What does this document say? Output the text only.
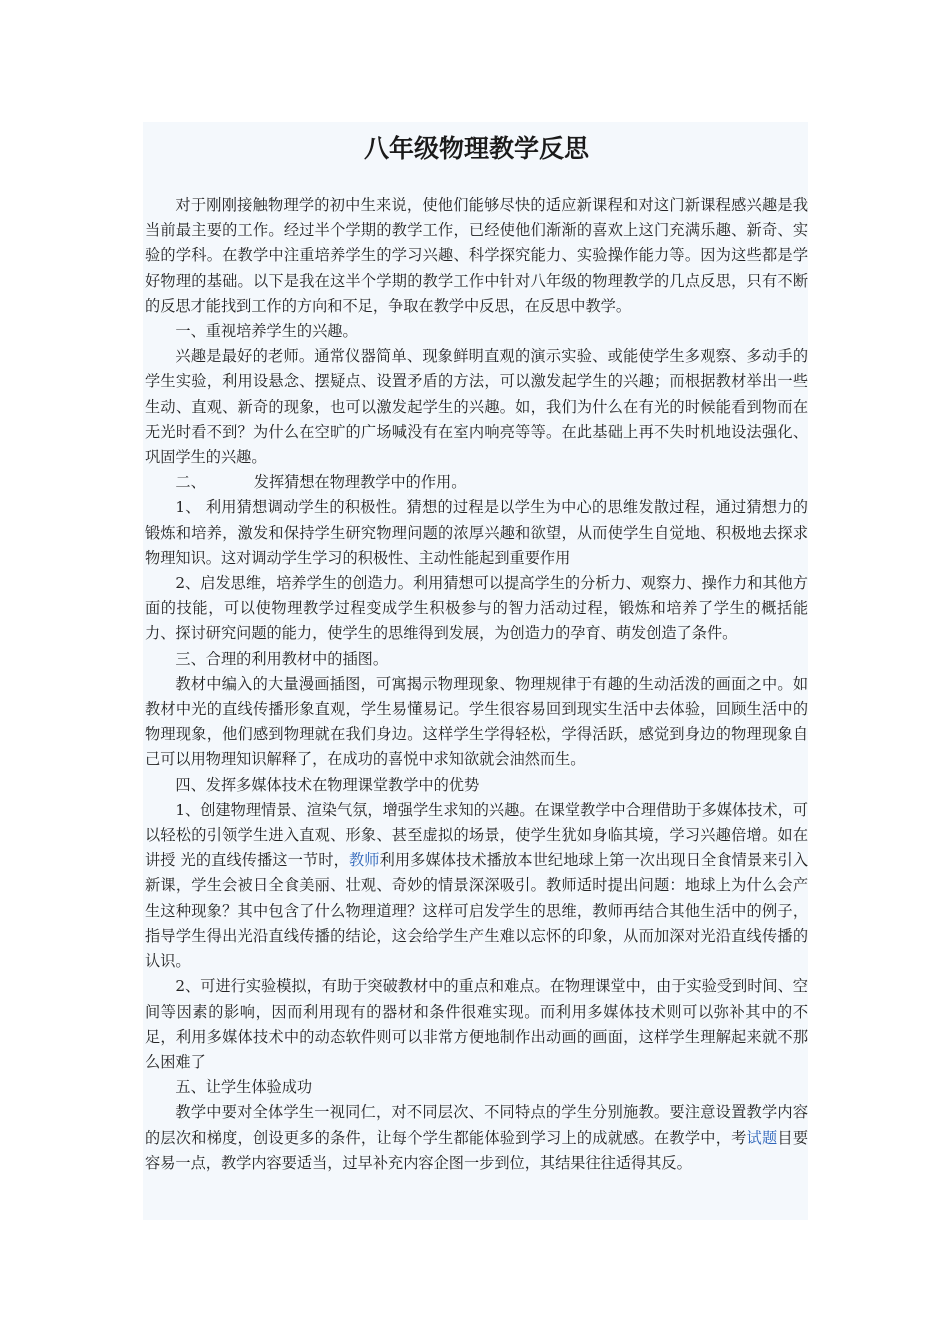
八年级物理教学反思

对于刚刚接触物理学的初中生来说，使他们能够尽快的适应新课程和对这门新课程感兴趣是我当前最主要的工作。经过半个学期的教学工作，已经使他们渐渐的喜欢上这门充满乐趣、新奇、实验的学科。在教学中注重培养学生的学习兴趣、科学探究能力、实验操作能力等。因为这些都是学好物理的基础。以下是我在这半个学期的教学工作中针对八年级的物理教学的几点反思，只有不断的反思才能找到工作的方向和不足，争取在教学中反思，在反思中教学。

一、重视培养学生的兴趣。

兴趣是最好的老师。通常仪器简单、现象鲜明直观的演示实验、或能使学生多观察、多动手的学生实验，利用设悬念、摆疑点、设置矛盾的方法，可以激发起学生的兴趣；而根据教材举出一些生动、直观、新奇的现象，也可以激发起学生的兴趣。如，我们为什么在有光的时候能看到物而在无光时看不到？为什么在空旷的广场喊没有在室内响亮等等。在此基础上再不失时机地设法强化、巩固学生的兴趣。

二、	发挥猜想在物理教学中的作用。

1、 利用猜想调动学生的积极性。猜想的过程是以学生为中心的思维发散过程，通过猜想力的锻炼和培养，激发和保持学生研究物理问题的浓厚兴趣和欲望，从而使学生自觉地、积极地去探求物理知识。这对调动学生学习的积极性、主动性能起到重要作用

2、启发思维，培养学生的创造力。利用猜想可以提高学生的分析力、观察力、操作力和其他方面的技能，可以使物理教学过程变成学生积极参与的智力活动过程，锻炼和培养了学生的概括能力、探讨研究问题的能力，使学生的思维得到发展，为创造力的孕育、萌发创造了条件。

三、合理的利用教材中的插图。

教材中编入的大量漫画插图，可寓揭示物理现象、物理规律于有趣的生动活泼的画面之中。如教材中光的直线传播形象直观，学生易懂易记。学生很容易回到现实生活中去体验，回顾生活中的物理现象，他们感到物理就在我们身边。这样学生学得轻松，学得活跃，感觉到身边的物理现象自己可以用物理知识解释了，在成功的喜悦中求知欲就会油然而生。

四、发挥多媒体技术在物理课堂教学中的优势

1、创建物理情景、渲染气氛，增强学生求知的兴趣。在课堂教学中合理借助于多媒体技术，可以轻松的引领学生进入直观、形象、甚至虚拟的场景，使学生犹如身临其境，学习兴趣倍增。如在讲授 光的直线传播这一节时，教师利用多媒体技术播放本世纪地球上第一次出现日全食情景来引入新课，学生会被日全食美丽、壮观、奇妙的情景深深吸引。教师适时提出问题：地球上为什么会产生这种现象？其中包含了什么物理道理？这样可启发学生的思维，教师再结合其他生活中的例子，指导学生得出光沿直线传播的结论，这会给学生产生难以忘怀的印象，从而加深对光沿直线传播的认识。

2、可进行实验模拟，有助于突破教材中的重点和难点。在物理课堂中，由于实验受到时间、空间等因素的影响，因而利用现有的器材和条件很难实现。而利用多媒体技术则可以弥补其中的不足，利用多媒体技术中的动态软件则可以非常方便地制作出动画的画面，这样学生理解起来就不那么困难了

五、让学生体验成功

教学中要对全体学生一视同仁，对不同层次、不同特点的学生分别施教。要注意设置教学内容的层次和梯度，创设更多的条件，让每个学生都能体验到学习上的成就感。在教学中，考试题目要容易一点，教学内容要适当，过早补充内容企图一步到位，其结果往往适得其反。
